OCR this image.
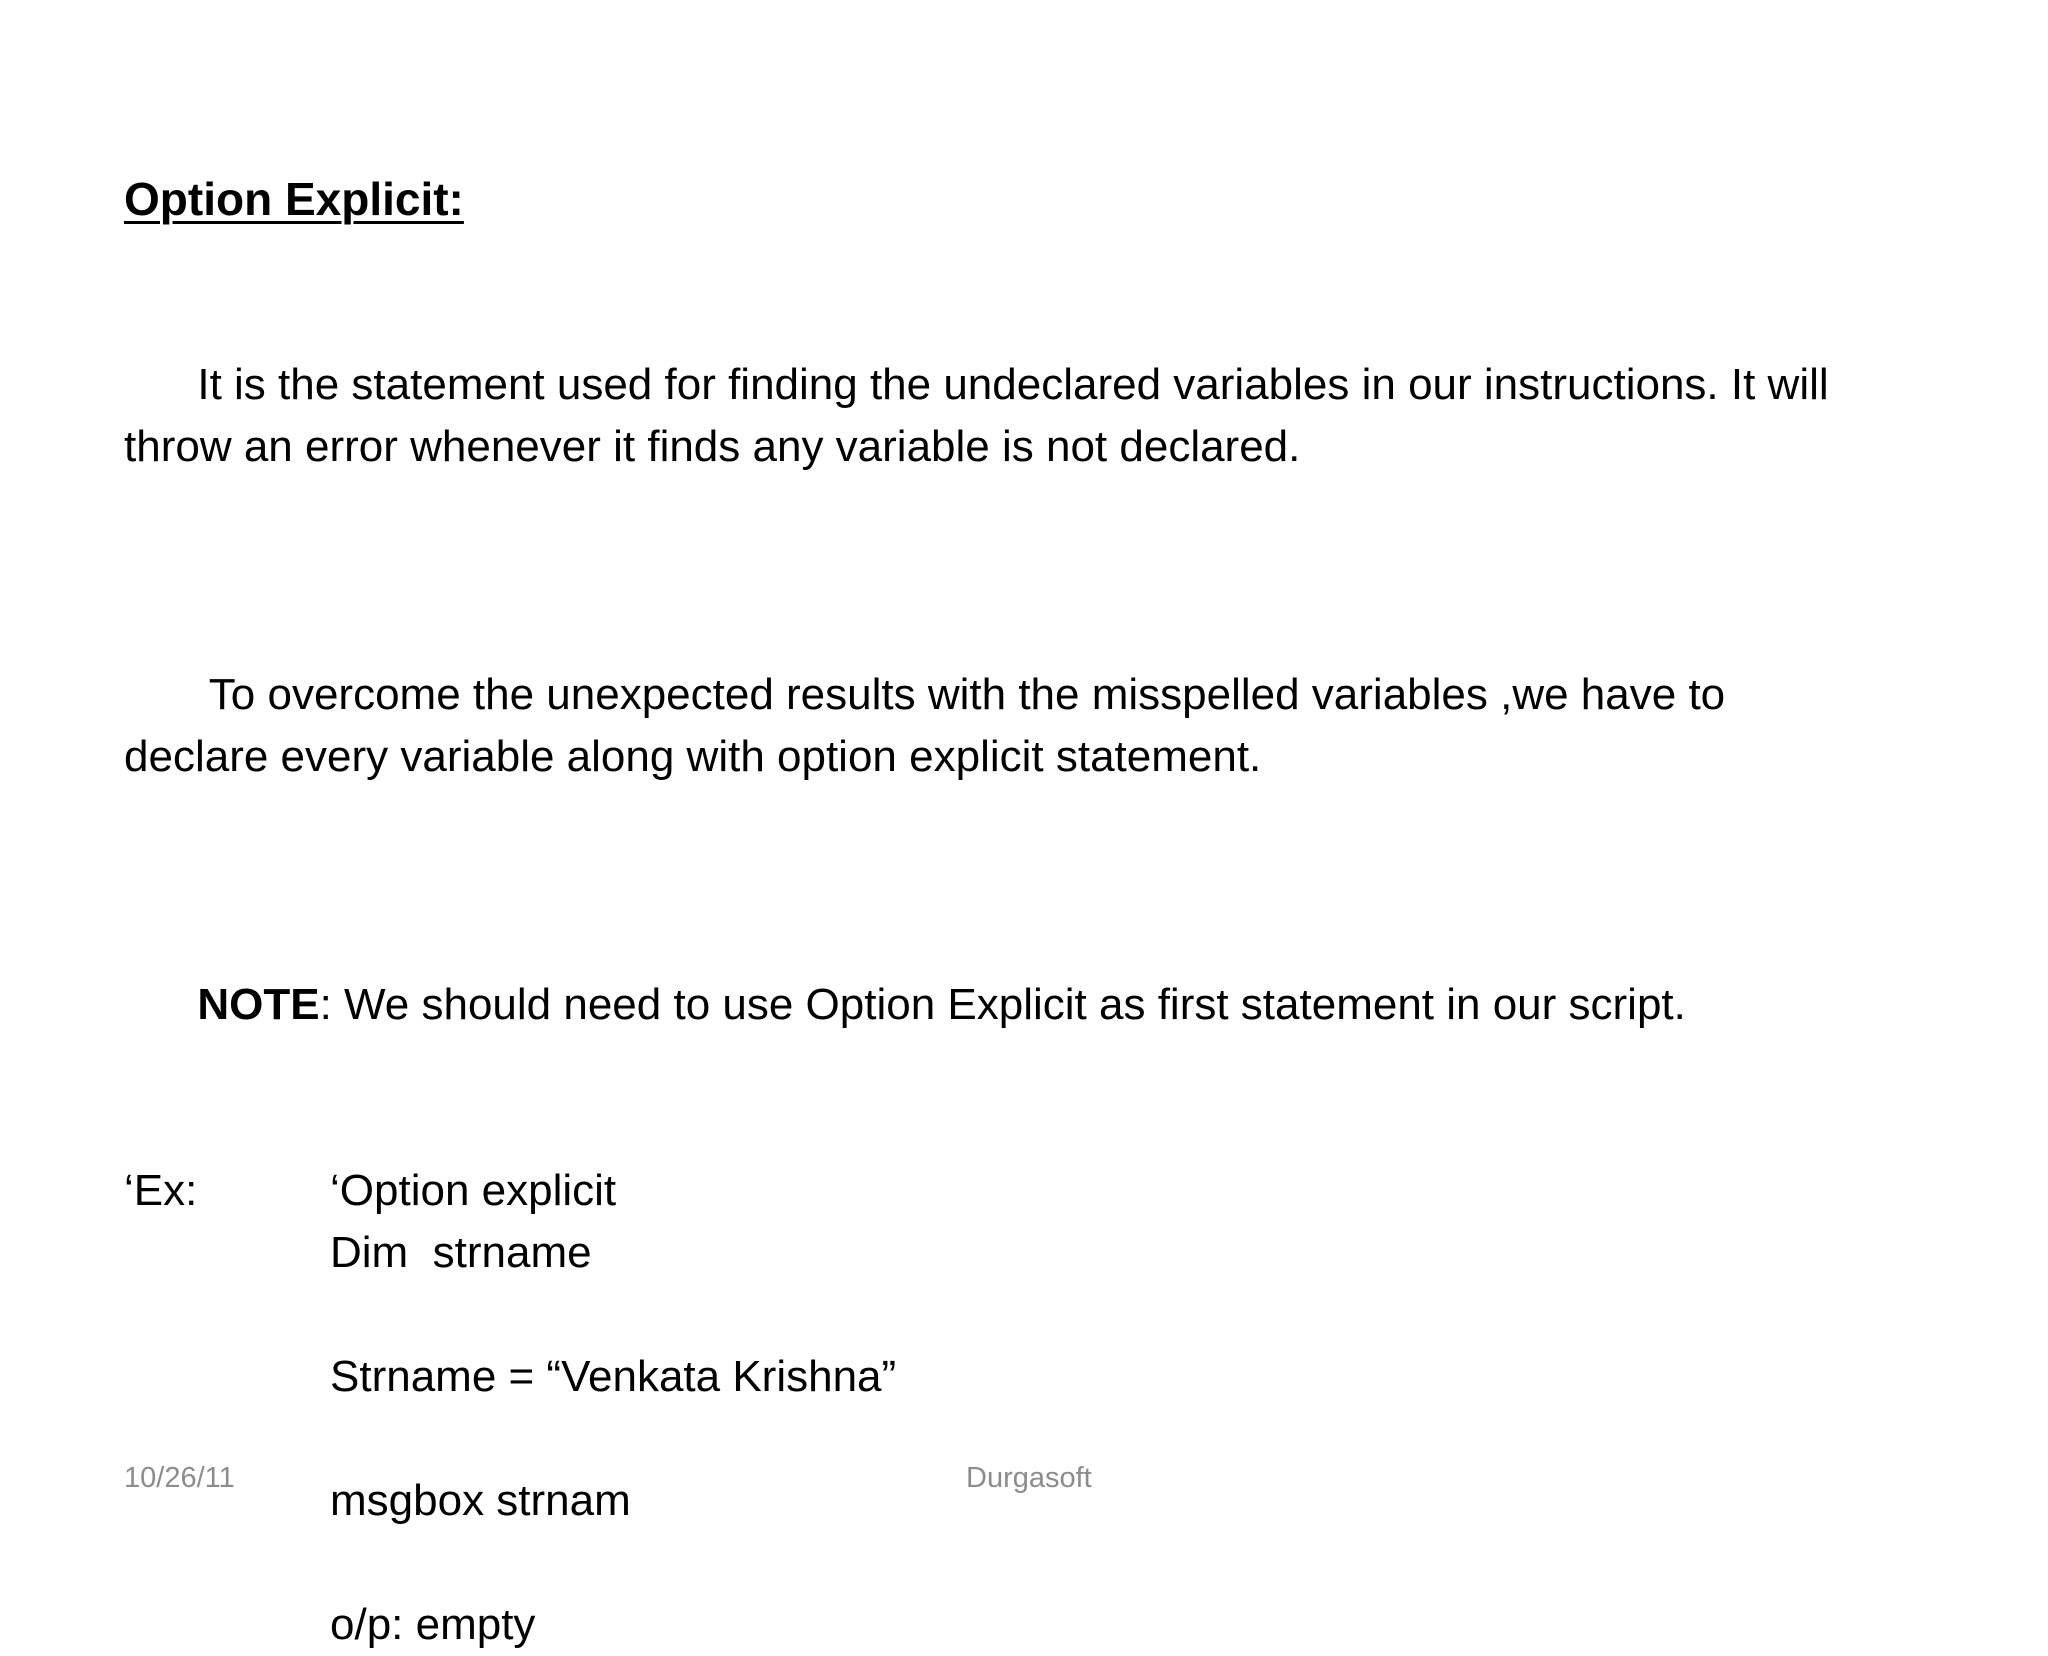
Option Explicit:

It is the statement used for finding the undeclared variables in our instructions. It will throw an error whenever it finds any variable is not declared.

To overcome the unexpected results with the misspelled variables ,we have to declare every variable along with option explicit statement.

NOTE: We should need to use Option Explicit as first statement in our script.

‘Ex:	‘Option explicit
Dim  strname
Strname = “Venkata Krishna”
msgbox strnam
o/p: empty
10/26/11	Durgasoft
